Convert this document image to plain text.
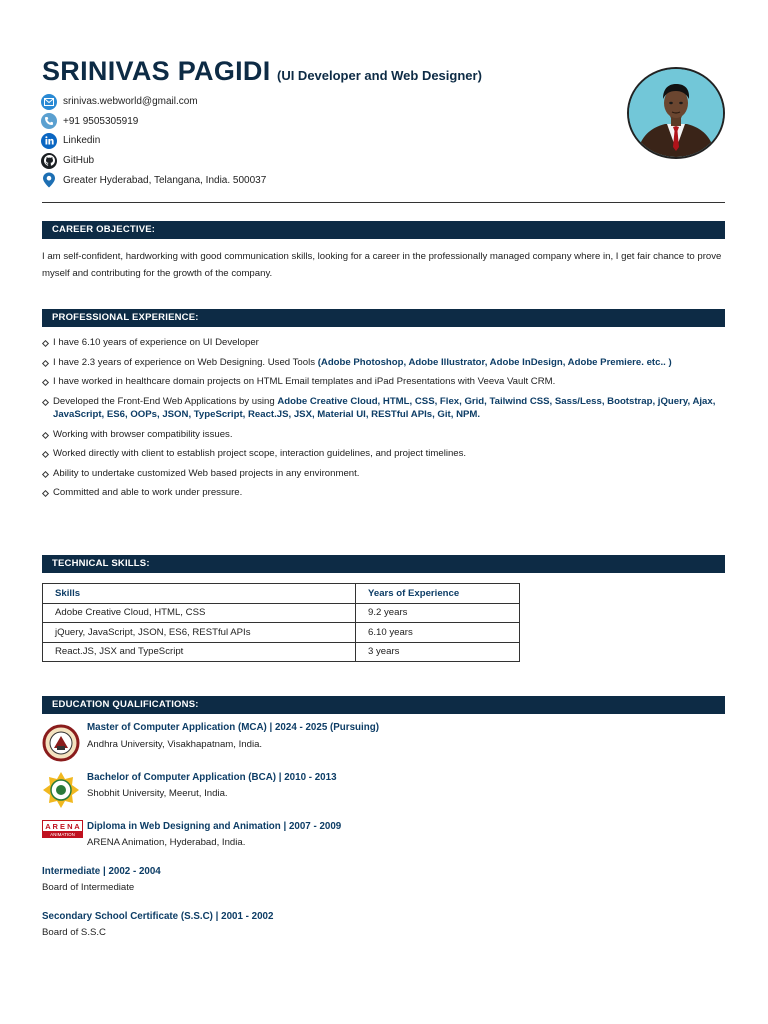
SRINIVAS PAGIDI (UI Developer and Web Designer)
srinivas.webworld@gmail.com
+91 9505305919
Linkedin
GitHub
Greater Hyderabad, Telangana, India. 500037
CAREER OBJECTIVE:

I am self-confident, hardworking with good communication skills, looking for a career in the professionally managed company where in, I get fair chance to prove myself and contributing for the growth of the company.

PROFESSIONAL EXPERIENCE:
I have 6.10 years of experience on UI Developer
I have 2.3 years of experience on Web Designing. Used Tools (Adobe Photoshop, Adobe Illustrator, Adobe InDesign, Adobe Premiere. etc.. )
I have worked in healthcare domain projects on HTML Email templates and iPad Presentations with Veeva Vault CRM.
Developed the Front-End Web Applications by using Adobe Creative Cloud, HTML, CSS, Flex, Grid, Tailwind CSS, Sass/Less, Bootstrap, jQuery, Ajax, JavaScript, ES6, OOPs, JSON, TypeScript, React.JS, JSX, Material UI, RESTful APIs, Git, NPM.
Working with browser compatibility issues.
Worked directly with client to establish project scope, interaction guidelines, and project timelines.
Ability to undertake customized Web based projects in any environment.
Committed and able to work under pressure.
TECHNICAL SKILLS:
Skills	Years of Experience
Adobe Creative Cloud, HTML, CSS	9.2 years
jQuery, JavaScript, JSON, ES6, RESTful APIs	6.10 years
React.JS, JSX and TypeScript	3 years
EDUCATION QUALIFICATIONS:
Master of Computer Application (MCA) | 2024 - 2025 (Pursuing)
Andhra University, Visakhapatnam, India.
Bachelor of Computer Application (BCA) | 2010 - 2013
Shobhit University, Meerut, India.
A R E N A
ANIMATION
Diploma in Web Designing and Animation | 2007 - 2009
ARENA Animation, Hyderabad, India.
Intermediate | 2002 - 2004
Board of Intermediate
Secondary School Certificate (S.S.C) | 2001 - 2002
Board of S.S.C
